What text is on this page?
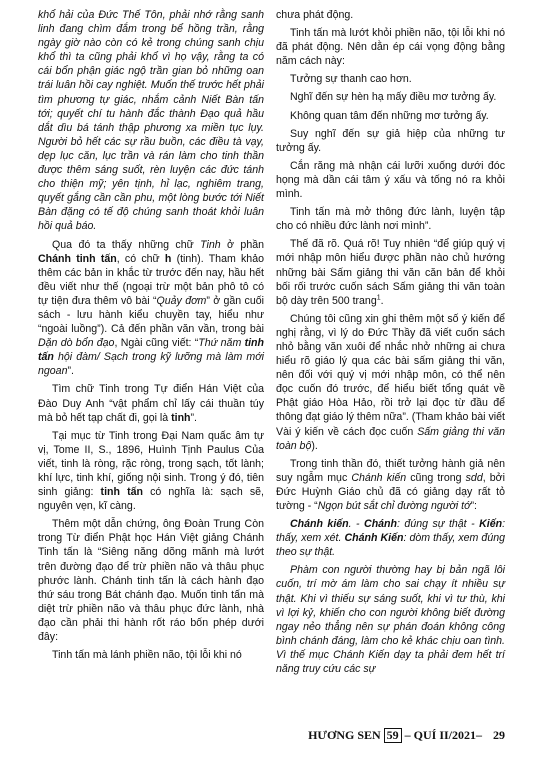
khổ hải của Đức Thế Tôn, phải nhớ rằng sanh linh đang chìm đắm trong bể hồng trần, rằng ngày giờ nào còn có kẻ trong chúng sanh chịu khổ thì ta cũng phải khổ vì họ vậy, rằng ta có cái bổn phận giác ngộ trần gian bỏ những oan trái luân hồi cay nghiệt. Muốn thế trước hết phải tìm phương tự giác, nhắm cảnh Niết Bàn tấn tới; quyết chí tu hành đắc thành Đạo quả hầu dắt dìu bá tánh thập phương xa miền tục lụy. Người bỏ hết các sự rầu buồn, các điều tà vạy, dẹp lục căn, lục trần và rán làm cho tinh thần được thêm sáng suốt, rèn luyện các đức tánh cho thiện mỹ; yên tịnh, hỉ lạc, nghiêm trang, quyết gắng cần cần phu, một lòng bước tới Niết Bàn đặng có tế độ chúng sanh thoát khỏi luân hồi quả báo.

Qua đó ta thấy những chữ Tinh ở phần Chánh tinh tấn, có chữ h (tinh). Tham khảo thêm các bản in khắc từ trước đến nay, hầu hết đều viết như thế (ngoại trừ một bản phô tô có tự tiện đưa thêm vô bài “Quảy đơm” ở gần cuối sách - lưu hành kiểu chuyền tay, hiểu như “ngoài luồng”). Cả đến phần văn vần, trong bài Dặn dò bổn đạo, Ngài cũng viết: “Thứ năm tinh tấn hội đàm/ Sạch trong kỹ lưỡng mà làm mới ngoan”.

Tìm chữ Tinh trong Tự điển Hán Việt của Đào Duy Anh “vật phẩm chỉ lấy cái thuần túy mà bỏ hết tạp chất đi, gọi là tinh”.

Tại mục từ Tinh trong Đại Nam quấc âm tự vị, Tome II, S., 1896, Huình Tịnh Paulus Của viết, tinh là ròng, rặc ròng, trong sạch, tốt lành; khí lực, tinh khí, giống nội sinh. Trong ý đó, tiên sinh giảng: tinh tấn có nghĩa là: sạch sẽ, nguyên vẹn, kĩ càng.

Thêm một dẫn chứng, ông Đoàn Trung Còn trong Từ điển Phật học Hán Việt giảng Chánh Tinh tấn là “Siêng năng dõng mãnh mà lướt trên đường đạo để trừ phiền não và thâu phục phước lành. Chánh tinh tấn là cách hành đạo thứ sáu trong Bát chánh đạo. Muốn tinh tấn mà diệt trừ phiền não và thâu phục đức lành, nhà đạo cần phải thi hành rốt ráo bốn phép dưới đây:

Tinh tấn mà lánh phiền não, tội lỗi khi nó

chưa phát động.

Tinh tấn mà lướt khỏi phiền não, tội lỗi khi nó đã phát động. Nên dằn ép cái vọng động bằng năm cách này:

Tưởng sự thanh cao hơn.

Nghĩ đến sự hèn hạ mấy điều mơ tưởng ấy.

Không quan tâm đến những mơ tưởng ấy.

Suy nghĩ đến sự giả hiệp của những tư tưởng ấy.

Cắn răng mà nhận cái lưỡi xuống dưới đóc họng mà dần cái tâm ý xấu và tống nó ra khỏi mình.

Tinh tấn mà mở thông đức lành, luyện tập cho có nhiều đức lành nơi mình”.

Thế đã rõ. Quá rõ! Tuy nhiên “để giúp quý vị mới nhập môn hiểu được phần nào chủ hướng những bài Sấm giảng thi văn căn bản để khỏi bối rối trước cuốn sách Sấm giảng thi văn toàn bộ dày trên 500 trang$^1$.

Chúng tôi cũng xin ghi thêm một số ý kiến để nghị rằng, vì lý do Đức Thầy đã viết cuốn sách nhỏ bằng văn xuôi để nhắc nhở những ai chưa hiểu rõ giáo lý qua các bài sấm giảng thi văn, nên đối với quý vị mới nhập môn, có thể nên đọc cuốn đó trước, để hiểu biết tổng quát về Phật giáo Hòa Hảo, rồi trở lại đọc từ đầu để thông đạt giáo lý thêm nữa”. (Tham khảo bài viết Vài ý kiến về cách đọc cuốn Sấm giảng thi văn toàn bộ).

Trong tinh thần đó, thiết tưởng hành giả nên suy ngẫm mục Chánh kiến cũng trong sdd, bởi Đức Huỳnh Giáo chủ đã có giảng dạy rất tỏ tường - “Ngọn bút sắt chỉ đường người tớ”:

Chánh kiến. - Chánh: đúng sự thật - Kiến: thấy, xem xét. Chánh Kiến: dòm thấy, xem đúng theo sự thật.

Phàm con người thường hay bị bản ngã lôi cuốn, trí mờ ám làm cho sai chạy ít nhiều sự thật. Khi vì thiếu sự sáng suốt, khi vì tư thù, khi vì lợi kỷ, khiến cho con người không biết đường ngay nẻo thẳng nên sự phán đoán không công bình chánh đáng, làm cho kẻ khác chịu oan tình. Vì thế mục Chánh Kiến dạy ta phải đem hết trí năng truy cứu các sự

HƯƠNG SEN 59 – QUÍ II/2021– 29
